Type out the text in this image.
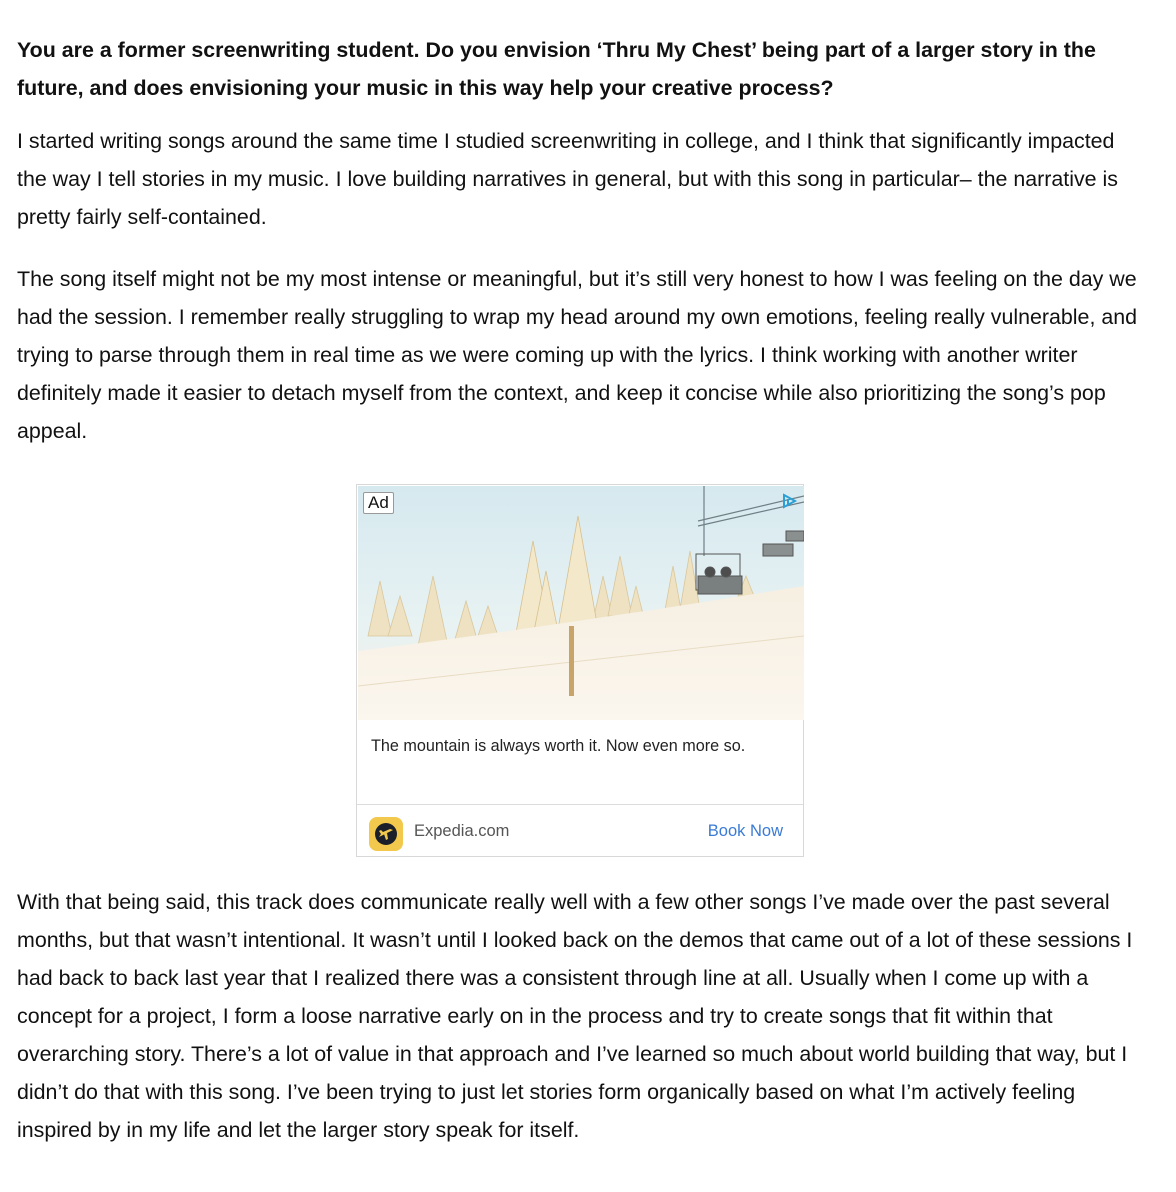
You are a former screenwriting student. Do you envision ‘Thru My Chest’ being part of a larger story in the future, and does envisioning your music in this way help your creative process?

I started writing songs around the same time I studied screenwriting in college, and I think that significantly impacted the way I tell stories in my music. I love building narratives in general, but with this song in particular– the narrative is pretty fairly self-contained.

The song itself might not be my most intense or meaningful, but it’s still very honest to how I was feeling on the day we had the session. I remember really struggling to wrap my head around my own emotions, feeling really vulnerable, and trying to parse through them in real time as we were coming up with the lyrics. I think working with another writer definitely made it easier to detach myself from the context, and keep it concise while also prioritizing the song’s pop appeal.

Ad
The mountain is always worth it. Now even more so.
Expedia.com	Book Now

With that being said, this track does communicate really well with a few other songs I’ve made over the past several months, but that wasn’t intentional. It wasn’t until I looked back on the demos that came out of a lot of these sessions I had back to back last year that I realized there was a consistent through line at all. Usually when I come up with a concept for a project, I form a loose narrative early on in the process and try to create songs that fit within that overarching story. There’s a lot of value in that approach and I’ve learned so much about world building that way, but I didn’t do that with this song. I’ve been trying to just let stories form organically based on what I’m actively feeling inspired by in my life and let the larger story speak for itself.
